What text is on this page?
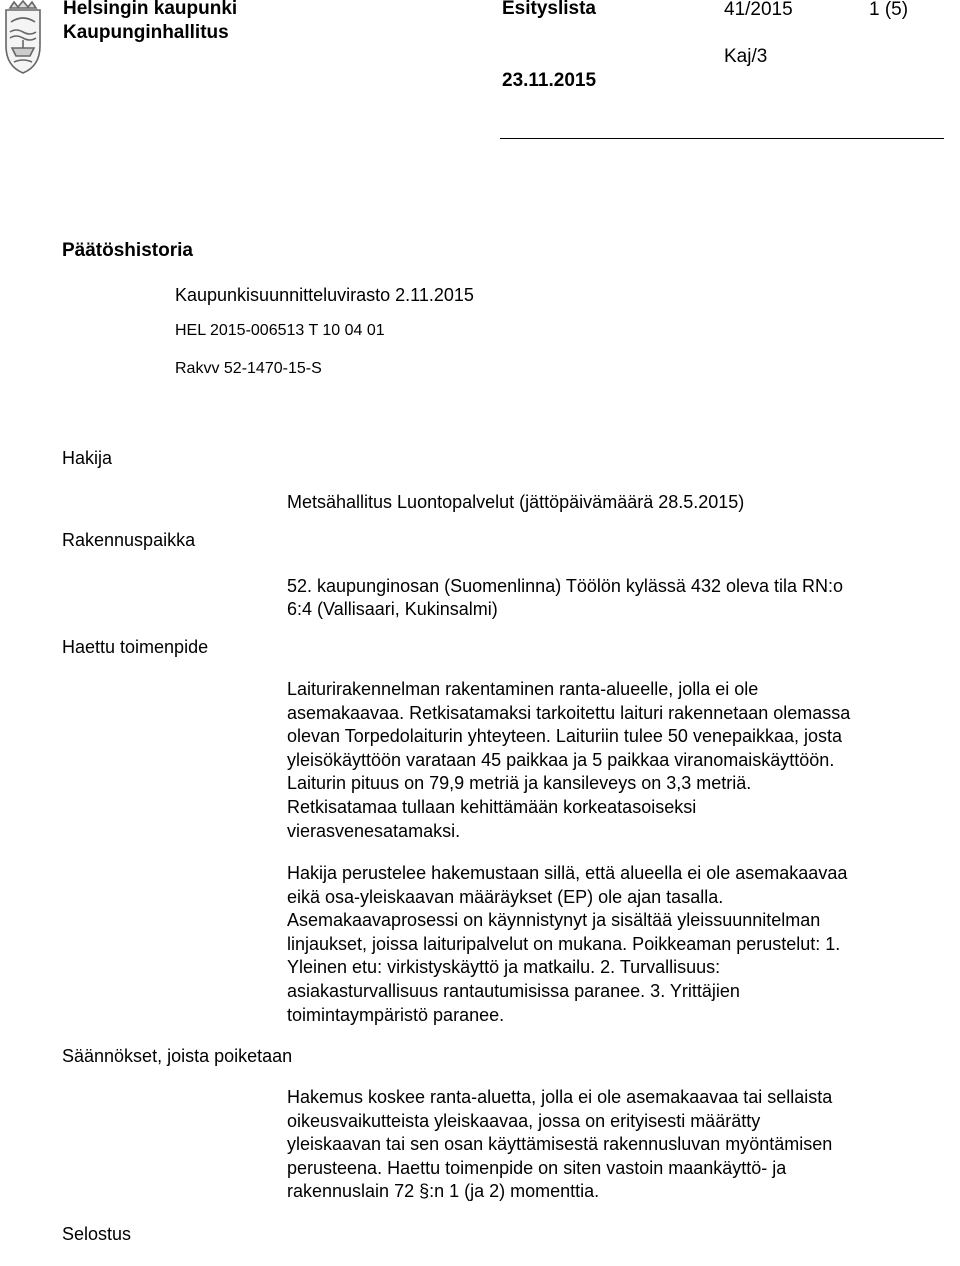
Helsingin kaupunki
Kaupunginhallitus
Esityslista	41/2015	1 (5)
Kaj/3
23.11.2015
Päätöshistoria
Kaupunkisuunnitteluvirasto 2.11.2015
HEL 2015-006513 T 10 04 01
Rakvv 52-1470-15-S
Hakija
Rakennuspaikka
Haettu toimenpide
Säännökset, joista poiketaan
Selostus
Metsähallitus Luontopalvelut (jättöpäivämäärä 28.5.2015)
52. kaupunginosan (Suomenlinna) Töölön kylässä 432 oleva tila RN:o
6:4 (Vallisaari, Kukinsalmi)

Laiturirakennelman rakentaminen ranta-alueelle, jolla ei ole

asemakaavaa. Retkisatamaksi tarkoitettu laituri rakennetaan olemassa

olevan Torpedolaiturin yhteyteen. Laituriin tulee 50 venepaikkaa, josta

yleisökäyttöön varataan 45 paikkaa ja 5 paikkaa viranomaiskäyttöön.

Laiturin pituus on 79,9 metriä ja kansileveys on 3,3 metriä.

Retkisatamaa tullaan kehittämään korkeatasoiseksi

vierasvenesatamaksi.

Hakija perustelee hakemustaan sillä, että alueella ei ole asemakaavaa

eikä osa-yleiskaavan määräykset (EP) ole ajan tasalla.

Asemakaavaprosessi on käynnistynyt ja sisältää yleissuunnitelman

linjaukset, joissa laituripalvelut on mukana. Poikkeaman perustelut: 1.

Yleinen etu: virkistyskäyttö ja matkailu. 2. Turvallisuus:

asiakasturvallisuus rantautumisissa paranee. 3. Yrittäjien

toimintaympäristö paranee.

Hakemus koskee ranta-aluetta, jolla ei ole asemakaavaa tai sellaista

oikeusvaikutteista yleiskaavaa, jossa on erityisesti määrätty

yleiskaavan tai sen osan käyttämisestä rakennusluvan myöntämisen

perusteena. Haettu toimenpide on siten vastoin maankäyttö- ja

rakennuslain 72 §:n 1 (ja 2) momenttia.
